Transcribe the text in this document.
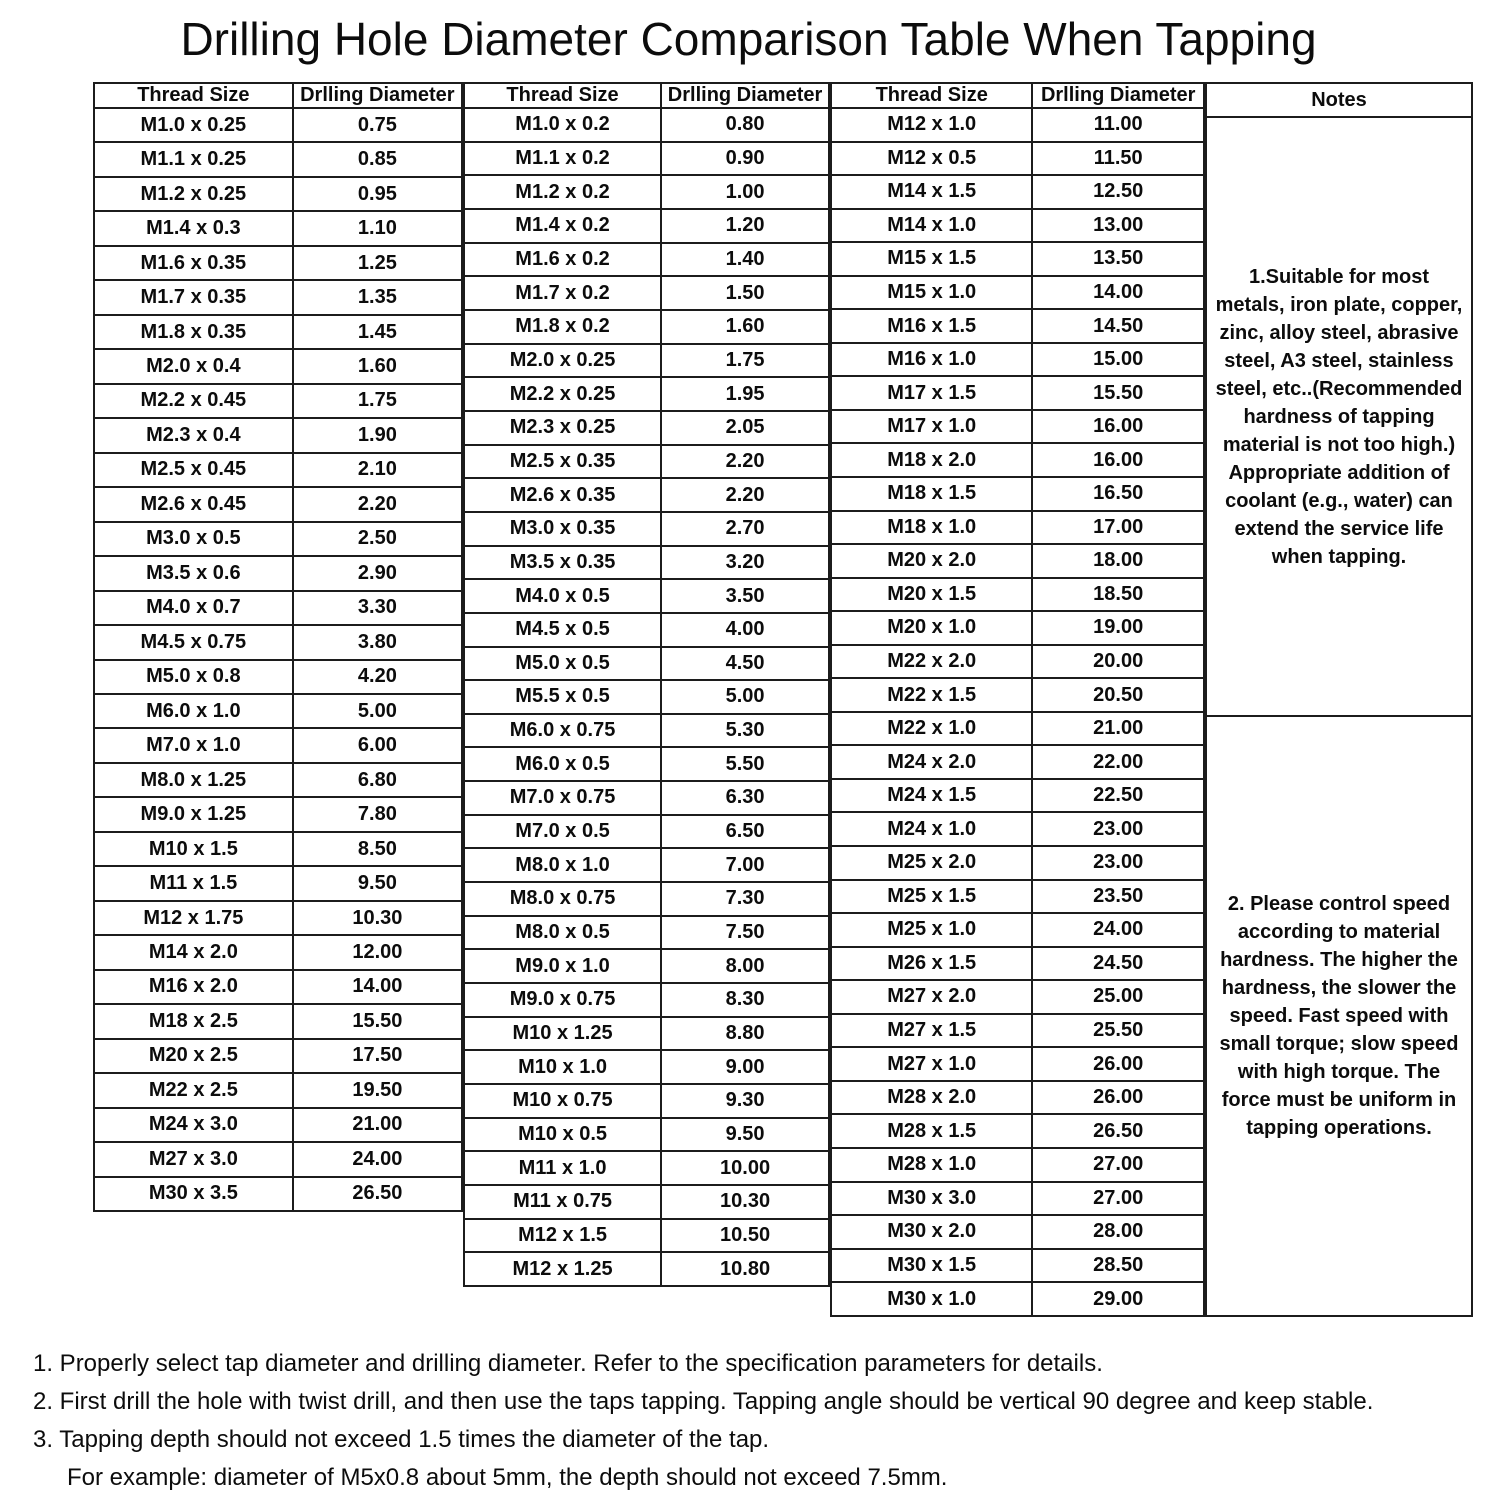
Drilling Hole Diameter Comparison Table When Tapping
Thread Size	Drlling Diameter
M1.0 x 0.25	0.75
M1.1 x 0.25	0.85
M1.2 x 0.25	0.95
M1.4 x 0.3	1.10
M1.6 x 0.35	1.25
M1.7 x 0.35	1.35
M1.8 x 0.35	1.45
M2.0 x 0.4	1.60
M2.2 x 0.45	1.75
M2.3 x 0.4	1.90
M2.5 x 0.45	2.10
M2.6 x 0.45	2.20
M3.0 x 0.5	2.50
M3.5 x 0.6	2.90
M4.0 x 0.7	3.30
M4.5 x 0.75	3.80
M5.0 x 0.8	4.20
M6.0 x 1.0	5.00
M7.0 x 1.0	6.00
M8.0 x 1.25	6.80
M9.0 x 1.25	7.80
M10 x 1.5	8.50
M11 x 1.5	9.50
M12 x 1.75	10.30
M14 x 2.0	12.00
M16 x 2.0	14.00
M18 x 2.5	15.50
M20 x 2.5	17.50
M22 x 2.5	19.50
M24 x 3.0	21.00
M27 x 3.0	24.00
M30 x 3.5	26.50
Thread Size	Drlling Diameter
M1.0 x 0.2	0.80
M1.1 x 0.2	0.90
M1.2 x 0.2	1.00
M1.4 x 0.2	1.20
M1.6 x 0.2	1.40
M1.7 x 0.2	1.50
M1.8 x 0.2	1.60
M2.0 x 0.25	1.75
M2.2 x 0.25	1.95
M2.3 x 0.25	2.05
M2.5 x 0.35	2.20
M2.6 x 0.35	2.20
M3.0 x 0.35	2.70
M3.5 x 0.35	3.20
M4.0 x 0.5	3.50
M4.5 x 0.5	4.00
M5.0 x 0.5	4.50
M5.5 x 0.5	5.00
M6.0 x 0.75	5.30
M6.0 x 0.5	5.50
M7.0 x 0.75	6.30
M7.0 x 0.5	6.50
M8.0 x 1.0	7.00
M8.0 x 0.75	7.30
M8.0 x 0.5	7.50
M9.0 x 1.0	8.00
M9.0 x 0.75	8.30
M10 x 1.25	8.80
M10 x 1.0	9.00
M10 x 0.75	9.30
M10 x 0.5	9.50
M11 x 1.0	10.00
M11 x 0.75	10.30
M12 x 1.5	10.50
M12 x 1.25	10.80
Thread Size	Drlling Diameter
M12 x 1.0	11.00
M12 x 0.5	11.50
M14 x 1.5	12.50
M14 x 1.0	13.00
M15 x 1.5	13.50
M15 x 1.0	14.00
M16 x 1.5	14.50
M16 x 1.0	15.00
M17 x 1.5	15.50
M17 x 1.0	16.00
M18 x 2.0	16.00
M18 x 1.5	16.50
M18 x 1.0	17.00
M20 x 2.0	18.00
M20 x 1.5	18.50
M20 x 1.0	19.00
M22 x 2.0	20.00
M22 x 1.5	20.50
M22 x 1.0	21.00
M24 x 2.0	22.00
M24 x 1.5	22.50
M24 x 1.0	23.00
M25 x 2.0	23.00
M25 x 1.5	23.50
M25 x 1.0	24.00
M26 x 1.5	24.50
M27 x 2.0	25.00
M27 x 1.5	25.50
M27 x 1.0	26.00
M28 x 2.0	26.00
M28 x 1.5	26.50
M28 x 1.0	27.00
M30 x 3.0	27.00
M30 x 2.0	28.00
M30 x 1.5	28.50
M30 x 1.0	29.00
Notes
1.Suitable for most metals, iron plate, copper, zinc, alloy steel, abrasive steel, A3 steel, stainless steel, etc..(Recommended hardness of tapping material is not too high.) Appropriate addition of coolant (e.g., water) can extend the service life when tapping.
2. Please control speed according to material hardness. The higher the hardness, the slower the speed. Fast speed with small torque; slow speed with high torque. The force must be uniform in tapping operations.
1. Properly select tap diameter and drilling diameter. Refer to the specification parameters for details.
2. First drill the hole with twist drill, and then use the taps tapping. Tapping angle should be vertical 90 degree and keep stable.
3. Tapping depth should not exceed 1.5 times the diameter of the tap.
For example: diameter of M5x0.8 about 5mm, the depth should not exceed 7.5mm.
